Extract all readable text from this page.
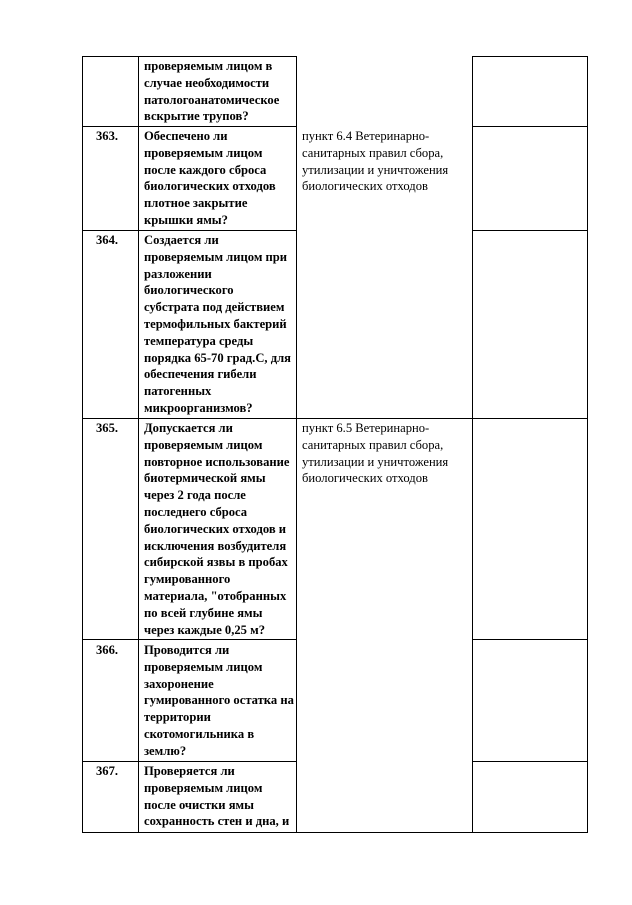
проверяемым лицом в
случае необходимости
патологоанатомическое
вскрытие трупов?
363. Обеспечено ли
проверяемым лицом
после каждого сброса
биологических отходов
плотное закрытие
крышки ямы?
пункт 6.4 Ветеринарно-
санитарных правил сбора,
утилизации и уничтожения
биологических отходов
364. Создается ли
проверяемым лицом при
разложении
биологического
субстрата под действием
термофильных бактерий
температура среды
порядка 65-70 град.С, для
обеспечения гибели
патогенных
микроорганизмов?
365. Допускается ли
проверяемым лицом
повторное использование
биотермической ямы
через 2 года после
последнего сброса
биологических отходов и
исключения возбудителя
сибирской язвы в пробах
гумированного
материала, "отобранных
по всей глубине ямы
через каждые 0,25 м?
пункт 6.5 Ветеринарно-
санитарных правил сбора,
утилизации и уничтожения
биологических отходов
366. Проводится ли
проверяемым лицом
захоронение
гумированного остатка на
территории
скотомогильника в
землю?
367. Проверяется ли
проверяемым лицом
после очистки ямы
сохранность стен и дна, и
